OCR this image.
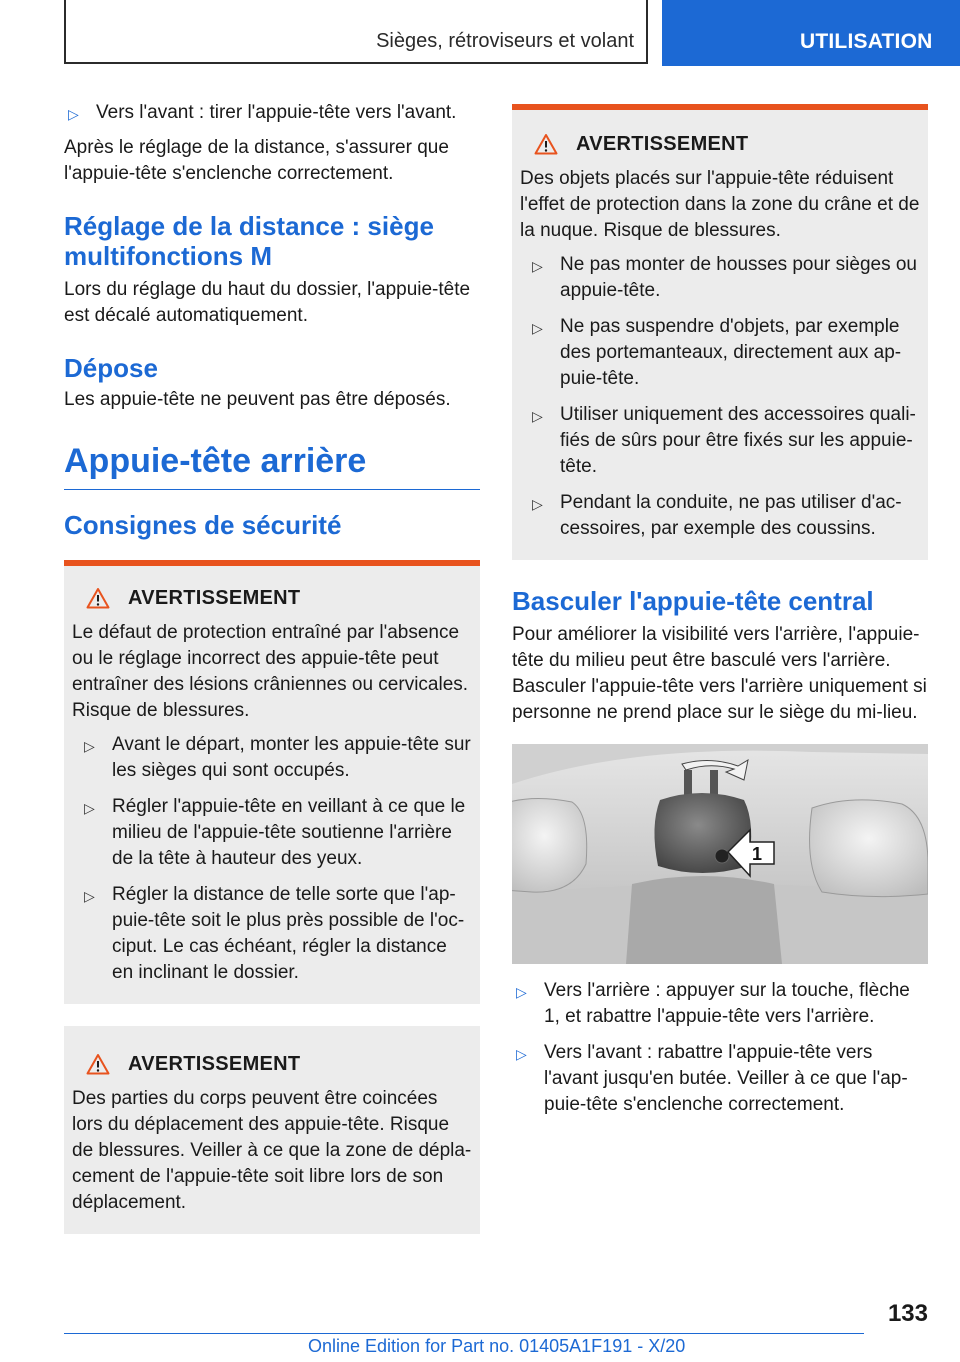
Sièges, rétroviseurs et volant	UTILISATION
▷ Vers l'avant : tirer l'appuie-tête vers l'avant.

Après le réglage de la distance, s'assurer que l'appuie-tête s'enclenche correctement.

Réglage de la distance : siège multifonctions M

Lors du réglage du haut du dossier, l'appuie-tête est décalé automatiquement.

Dépose

Les appuie-tête ne peuvent pas être déposés.

Appuie-tête arrière
Consignes de sécurité
AVERTISSEMENT

Le défaut de protection entraîné par l'absence ou le réglage incorrect des appuie-tête peut entraîner des lésions crâniennes ou cervicales. Risque de blessures.

▷ Avant le départ, monter les appuie-tête sur les sièges qui sont occupés.
▷ Régler l'appuie-tête en veillant à ce que le milieu de l'appuie-tête soutienne l'arrière de la tête à hauteur des yeux.
▷ Régler la distance de telle sorte que l'ap-puie-tête soit le plus près possible de l'oc-ciput. Le cas échéant, régler la distance en inclinant le dossier.
AVERTISSEMENT

Des parties du corps peuvent être coincées lors du déplacement des appuie-tête. Risque de blessures. Veiller à ce que la zone de dépla-cement de l'appuie-tête soit libre lors de son déplacement.

AVERTISSEMENT

Des objets placés sur l'appuie-tête réduisent l'effet de protection dans la zone du crâne et de la nuque. Risque de blessures.

▷ Ne pas monter de housses pour sièges ou appuie-tête.
▷ Ne pas suspendre d'objets, par exemple des portemanteaux, directement aux ap-puie-tête.
▷ Utiliser uniquement des accessoires quali-fiés de sûrs pour être fixés sur les appuie-tête.
▷ Pendant la conduite, ne pas utiliser d'ac-cessoires, par exemple des coussins.
Basculer l'appuie-tête central

Pour améliorer la visibilité vers l'arrière, l'appuie-tête du milieu peut être basculé vers l'arrière. Basculer l'appuie-tête vers l'arrière uniquement si personne ne prend place sur le siège du mi-lieu.

1
▷ Vers l'arrière : appuyer sur la touche, flèche 1, et rabattre l'appuie-tête vers l'arrière.
▷ Vers l'avant : rabattre l'appuie-tête vers l'avant jusqu'en butée. Veiller à ce que l'ap-puie-tête s'enclenche correctement.
133
Online Edition for Part no. 01405A1F191 - X/20
